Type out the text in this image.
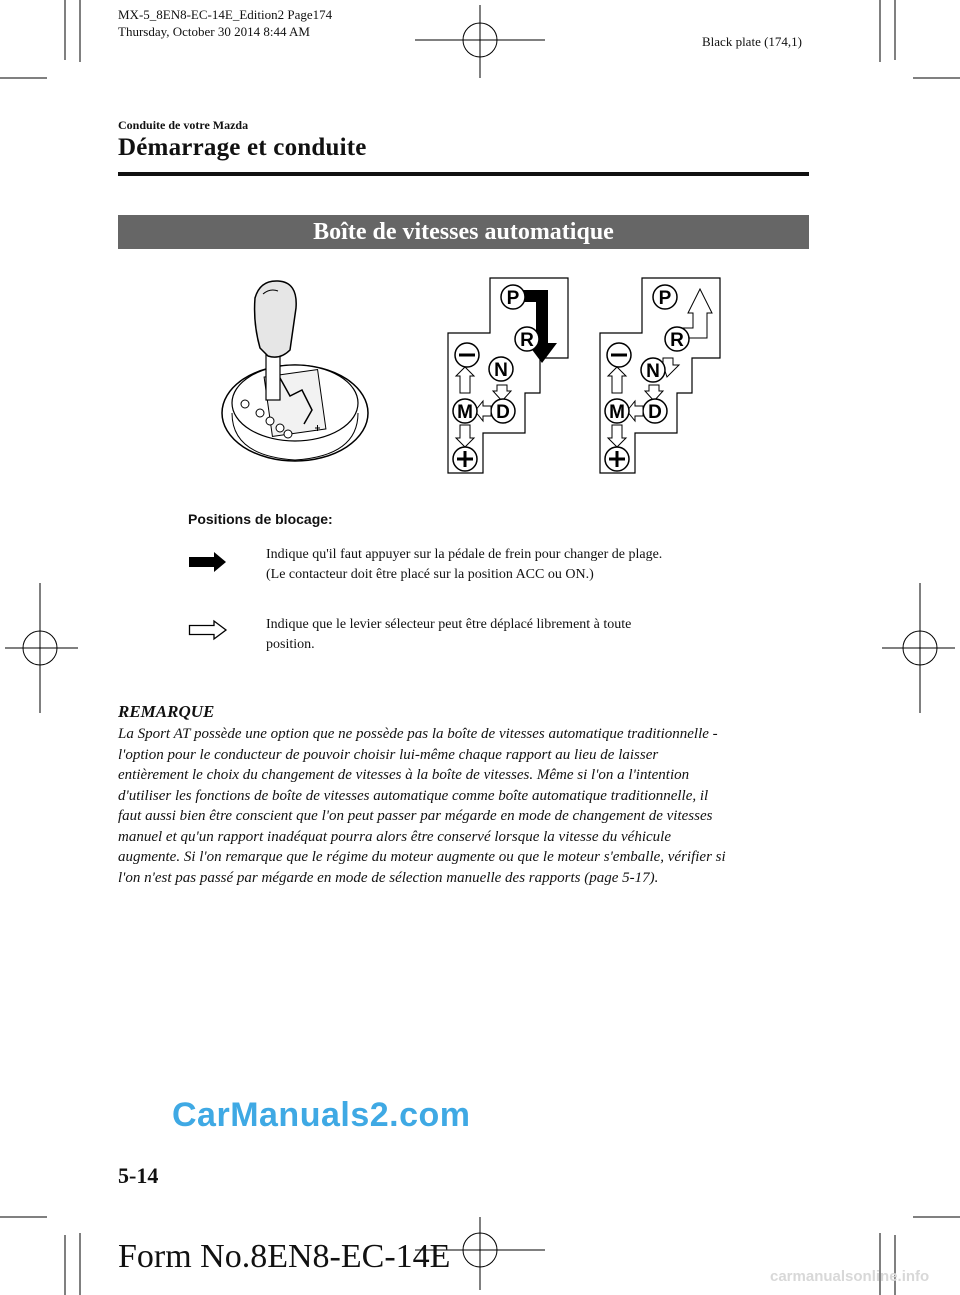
MX-5_8EN8-EC-14E_Edition2 Page174
Thursday, October 30 2014 8:44 AM
Black plate (174,1)
Conduite de votre Mazda
Démarrage et conduite
Boîte de vitesses automatique
P
R
N
D
M
P
R
N
D
M
Positions de blocage:
Indique qu'il faut appuyer sur la pédale de frein pour changer de plage.
(Le contacteur doit être placé sur la position ACC ou ON.)
Indique que le levier sélecteur peut être déplacé librement à toute
position.
REMARQUE
La Sport AT possède une option que ne possède pas la boîte de vitesses automatique traditionnelle -
l'option pour le conducteur de pouvoir choisir lui-même chaque rapport au lieu de laisser
entièrement le choix du changement de vitesses à la boîte de vitesses. Même si l'on a l'intention
d'utiliser les fonctions de boîte de vitesses automatique comme boîte automatique traditionnelle, il
faut aussi bien être conscient que l'on peut passer par mégarde en mode de changement de vitesses
manuel et qu'un rapport inadéquat pourra alors être conservé lorsque la vitesse du véhicule
augmente. Si l'on remarque que le régime du moteur augmente ou que le moteur s'emballe, vérifier si
l'on n'est pas passé par mégarde en mode de sélection manuelle des rapports (page 5-17).
CarManuals2.com
5-14
Form No.8EN8-EC-14E
carmanualsonline.info
